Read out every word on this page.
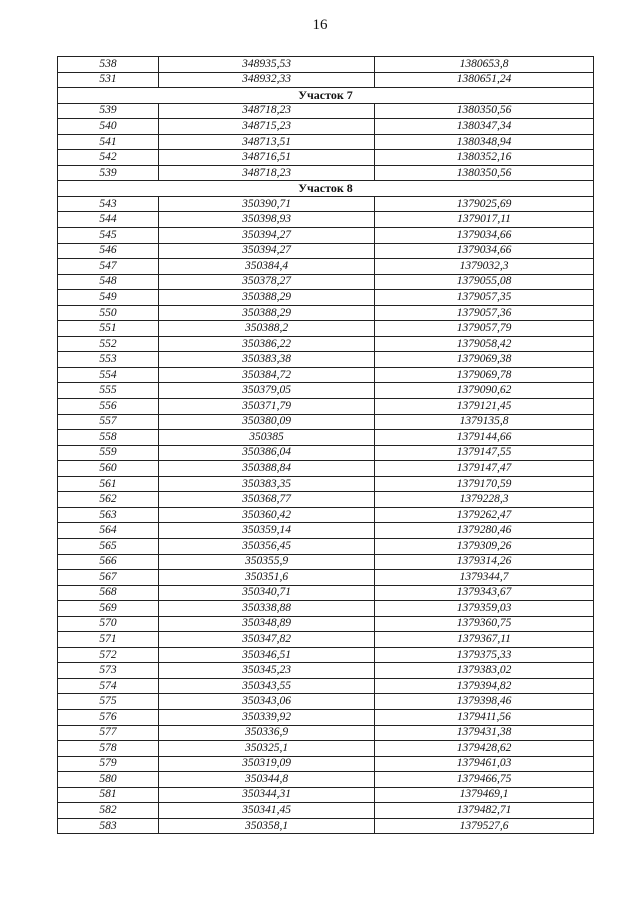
16
538	348935,53	1380653,8
531	348932,33	1380651,24
Участок 7		
539	348718,23	1380350,56
540	348715,23	1380347,34
541	348713,51	1380348,94
542	348716,51	1380352,16
539	348718,23	1380350,56
Участок 8		
543	350390,71	1379025,69
544	350398,93	1379017,11
545	350394,27	1379034,66
546	350394,27	1379034,66
547	350384,4	1379032,3
548	350378,27	1379055,08
549	350388,29	1379057,35
550	350388,29	1379057,36
551	350388,2	1379057,79
552	350386,22	1379058,42
553	350383,38	1379069,38
554	350384,72	1379069,78
555	350379,05	1379090,62
556	350371,79	1379121,45
557	350380,09	1379135,8
558	350385	1379144,66
559	350386,04	1379147,55
560	350388,84	1379147,47
561	350383,35	1379170,59
562	350368,77	1379228,3
563	350360,42	1379262,47
564	350359,14	1379280,46
565	350356,45	1379309,26
566	350355,9	1379314,26
567	350351,6	1379344,7
568	350340,71	1379343,67
569	350338,88	1379359,03
570	350348,89	1379360,75
571	350347,82	1379367,11
572	350346,51	1379375,33
573	350345,23	1379383,02
574	350343,55	1379394,82
575	350343,06	1379398,46
576	350339,92	1379411,56
577	350336,9	1379431,38
578	350325,1	1379428,62
579	350319,09	1379461,03
580	350344,8	1379466,75
581	350344,31	1379469,1
582	350341,45	1379482,71
583	350358,1	1379527,6
